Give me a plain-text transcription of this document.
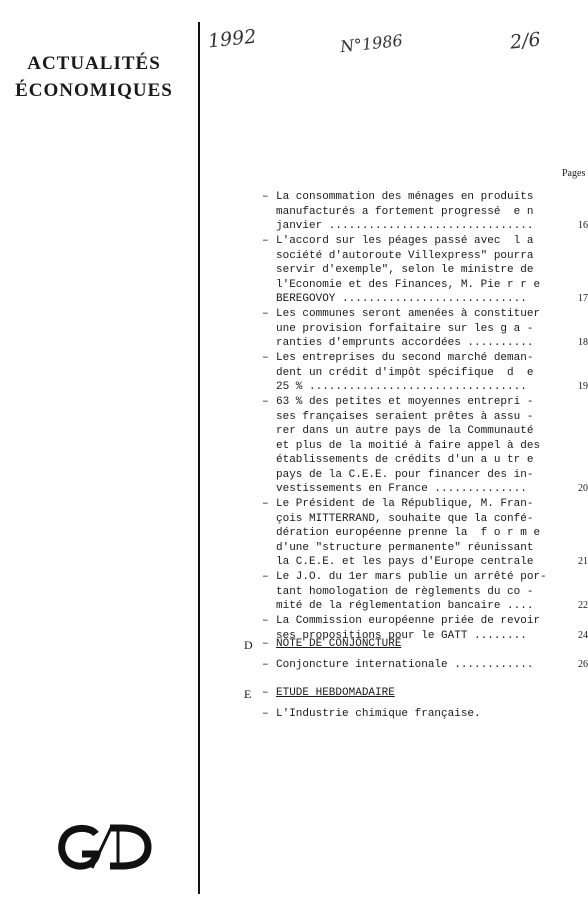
ACTUALITÉS
ÉCONOMIQUES
1992	N°1986	2/6
Pages
– La consommation des ménages en produits
manufacturés a fortement progressé  e n
janvier ...............................	16
– L'accord sur les péages passé avec  l a
société d'autoroute Villexpress" pourra
servir d'exemple", selon le ministre de
l'Economie et des Finances, M. Pie r r e
BEREGOVOY ............................	17
– Les communes seront amenées à constituer
une provision forfaitaire sur les g a -
ranties d'emprunts accordées ..........	18
– Les entreprises du second marché deman-
dent un crédit d'impôt spécifique  d  e
25 % .................................	19
– 63 % des petites et moyennes entrepri -
ses françaises seraient prêtes à assu -
rer dans un autre pays de la Communauté
et plus de la moitié à faire appel à des
établissements de crédits d'un a u tr e
pays de la C.E.E. pour financer des in-
vestissements en France ..............	20
– Le Président de la République, M. Fran-
çois MITTERRAND, souhaite que la confé-
dération européenne prenne la  f o r m e
d'une "structure permanente" réunissant
la C.E.E. et les pays d'Europe centrale	21
– Le J.O. du 1er mars publie un arrêté por-
tant homologation de règlements du co -
mité de la réglementation bancaire ....	22
– La Commission européenne priée de revoir
ses propositions pour le GATT ........	24
D – NOTE DE CONJONCTURE
– Conjoncture internationale ............	26
E – ETUDE HEBDOMADAIRE
– L'Industrie chimique française.
